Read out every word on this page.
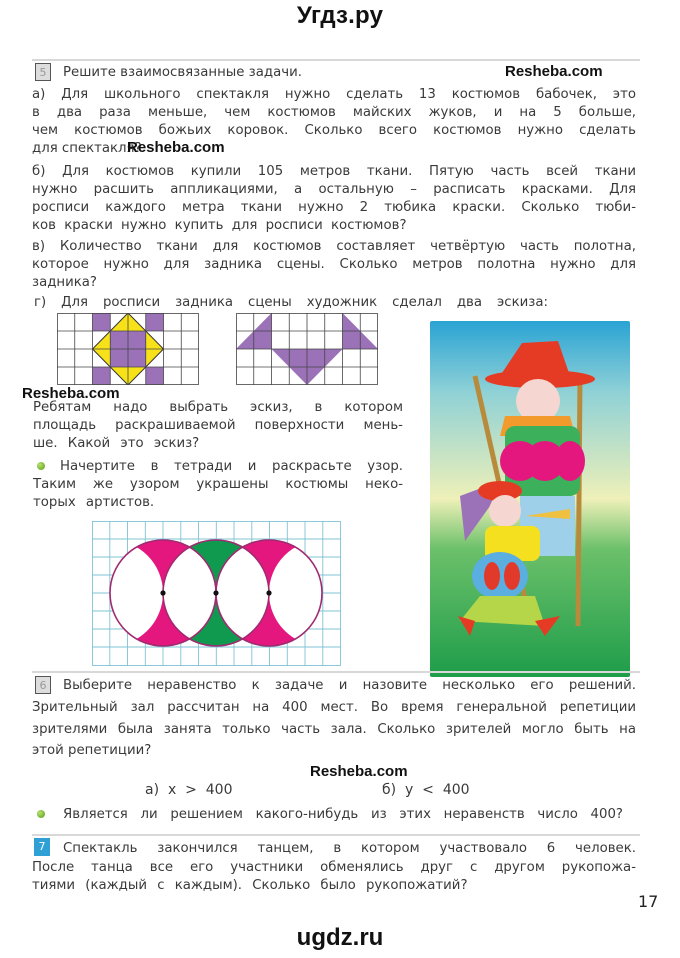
Угдз.ру
5	Решите взаимосвязанные задачи.	Resheba.com
а) Для школьного спектакля нужно сделать 13 костюмов бабочек, это
в два раза меньше, чем костюмов майских жуков, и на 5 больше,
чем костюмов божьих коровок. Сколько всего костюмов нужно сделать
для спектакля?
Resheba.com
б) Для костюмов купили 105 метров ткани. Пятую часть всей ткани
нужно расшить аппликациями, а остальную – расписать красками. Для
росписи каждого метра ткани нужно 2 тюбика краски. Сколько тюби-
ков краски нужно купить для росписи костюмов?
в) Количество ткани для костюмов составляет четвёртую часть полотна,
которое нужно для задника сцены. Сколько метров полотна нужно для
задника?
г) Для росписи задника сцены художник сделал два эскиза:
Resheba.com
Ребятам надо выбрать эскиз, в котором
площадь раскрашиваемой поверхности мень-
ше. Какой это эскиз?
Начертите в тетради и раскрасьте узор.
Таким же узором украшены костюмы неко-
торых артистов.
6	Выберите неравенство к задаче и назовите несколько его решений.
Зрительный зал рассчитан на 400 мест. Во время генеральной репетиции
зрителями была занята только часть зала. Сколько зрителей могло быть на
этой репетиции?
Resheba.com
а)  x  >  400	б)  y  <  400
Является ли решением какого-нибудь из этих неравенств число 400?
7	Спектакль закончился танцем, в котором участвовало 6 человек.
После танца все его участники обменялись друг с другом рукопожа-
тиями (каждый с каждым). Сколько было рукопожатий?
17
ugdz.ru
